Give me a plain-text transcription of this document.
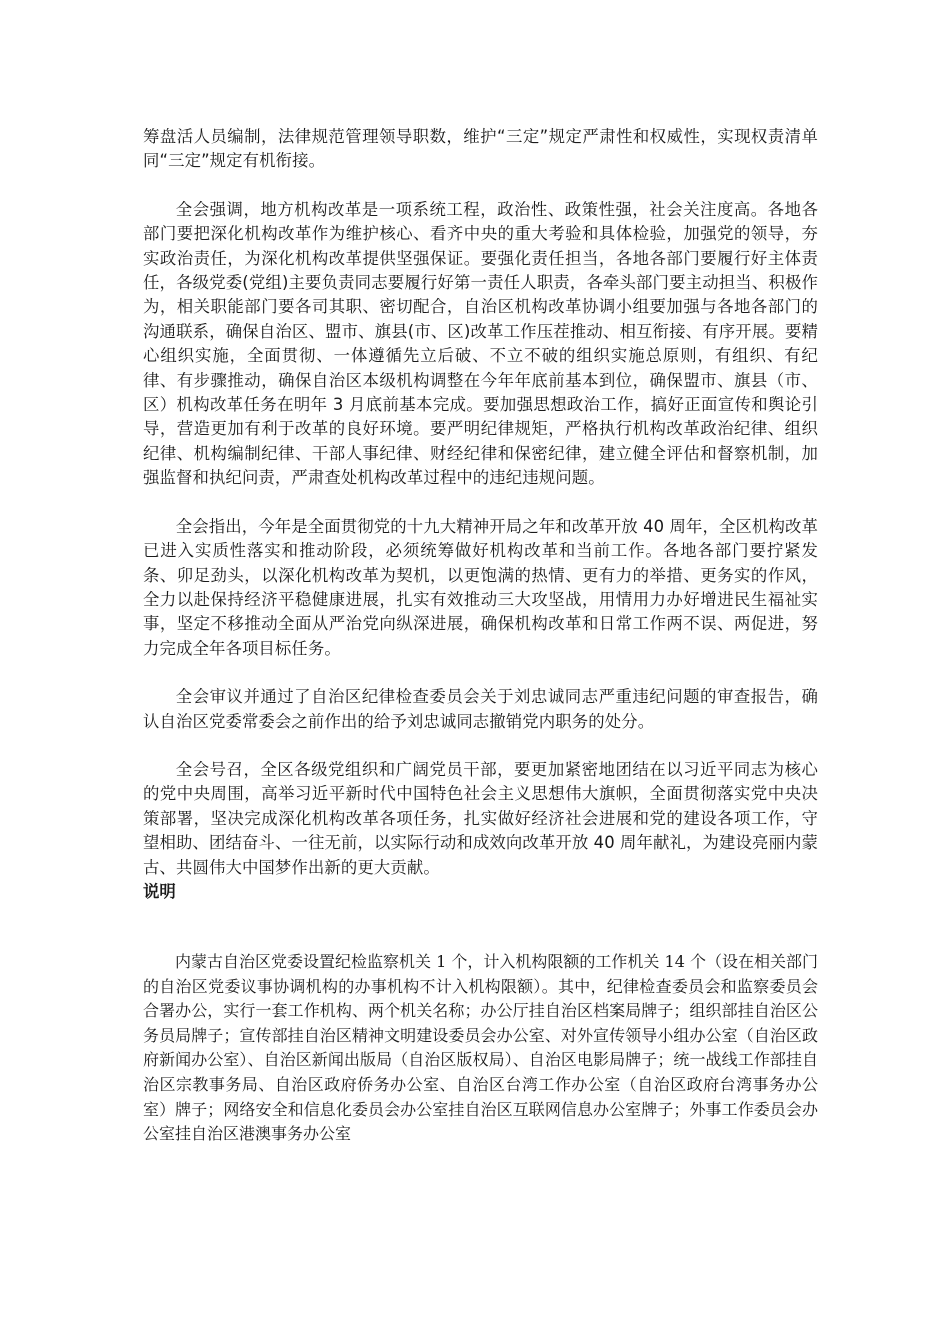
筹盘活人员编制，法律规范管理领导职数，维护“三定”规定严肃性和权威性，实现权责清单同“三定”规定有机衔接。

全会强调，地方机构改革是一项系统工程，政治性、政策性强，社会关注度高。各地各部门要把深化机构改革作为维护核心、看齐中央的重大考验和具体检验，加强党的领导，夯实政治责任，为深化机构改革提供坚强保证。要强化责任担当，各地各部门要履行好主体责任，各级党委(党组)主要负责同志要履行好第一责任人职责，各牵头部门要主动担当、积极作为，相关职能部门要各司其职、密切配合，自治区机构改革协调小组要加强与各地各部门的沟通联系，确保自治区、盟市、旗县(市、区)改革工作压茬推动、相互衔接、有序开展。要精心组织实施，全面贯彻、一体遵循先立后破、不立不破的组织实施总原则，有组织、有纪律、有步骤推动，确保自治区本级机构调整在今年年底前基本到位，确保盟市、旗县（市、区）机构改革任务在明年 3 月底前基本完成。要加强思想政治工作，搞好正面宣传和舆论引导，营造更加有利于改革的良好环境。要严明纪律规矩，严格执行机构改革政治纪律、组织纪律、机构编制纪律、干部人事纪律、财经纪律和保密纪律，建立健全评估和督察机制，加强监督和执纪问责，严肃查处机构改革过程中的违纪违规问题。

全会指出，今年是全面贯彻党的十九大精神开局之年和改革开放 40 周年，全区机构改革已进入实质性落实和推动阶段，必须统筹做好机构改革和当前工作。各地各部门要拧紧发条、卯足劲头，以深化机构改革为契机，以更饱满的热情、更有力的举措、更务实的作风，全力以赴保持经济平稳健康进展，扎实有效推动三大攻坚战，用情用力办好增进民生福祉实事，坚定不移推动全面从严治党向纵深进展，确保机构改革和日常工作两不误、两促进，努力完成全年各项目标任务。

全会审议并通过了自治区纪律检查委员会关于刘忠诚同志严重违纪问题的审查报告，确认自治区党委常委会之前作出的给予刘忠诚同志撤销党内职务的处分。

全会号召，全区各级党组织和广阔党员干部，要更加紧密地团结在以习近平同志为核心的党中央周围，高举习近平新时代中国特色社会主义思想伟大旗帜，全面贯彻落实党中央决策部署，坚决完成深化机构改革各项任务，扎实做好经济社会进展和党的建设各项工作，守望相助、团结奋斗、一往无前，以实际行动和成效向改革开放 40 周年献礼，为建设亮丽内蒙古、共圆伟大中国梦作出新的更大贡献。

说明

内蒙古自治区党委设置纪检监察机关 1 个，计入机构限额的工作机关 14 个（设在相关部门的自治区党委议事协调机构的办事机构不计入机构限额）。其中，纪律检查委员会和监察委员会合署办公，实行一套工作机构、两个机关名称；办公厅挂自治区档案局牌子；组织部挂自治区公务员局牌子；宣传部挂自治区精神文明建设委员会办公室、对外宣传领导小组办公室（自治区政府新闻办公室）、自治区新闻出版局（自治区版权局）、自治区电影局牌子；统一战线工作部挂自治区宗教事务局、自治区政府侨务办公室、自治区台湾工作办公室（自治区政府台湾事务办公室）牌子；网络安全和信息化委员会办公室挂自治区互联网信息办公室牌子；外事工作委员会办公室挂自治区港澳事务办公室
